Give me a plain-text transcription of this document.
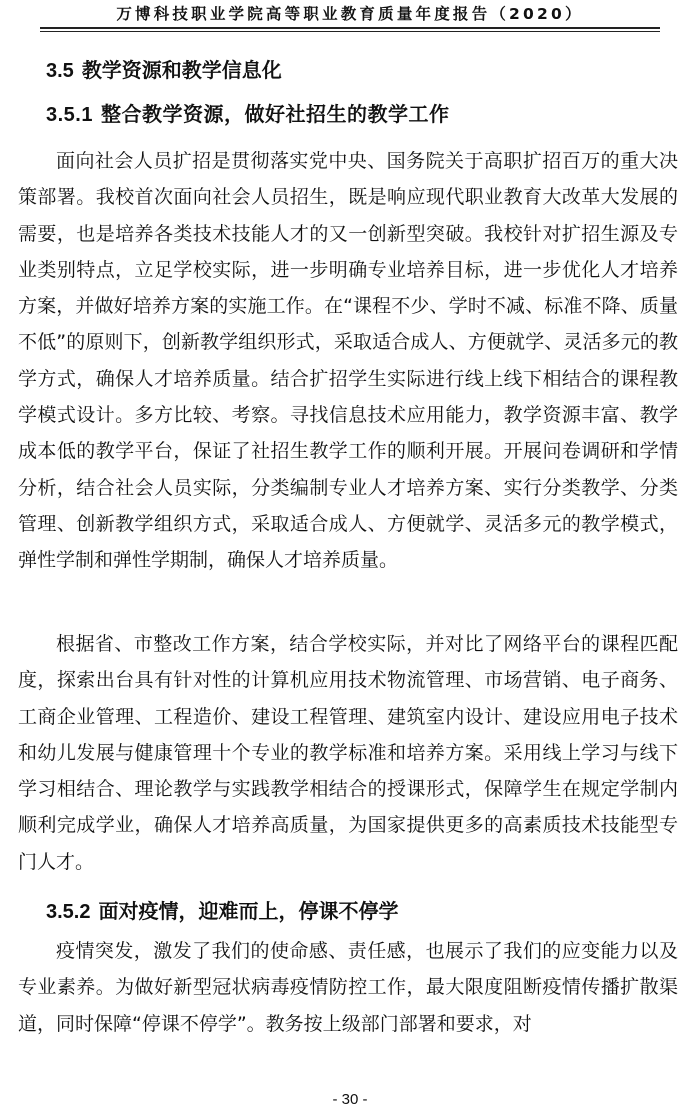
万博科技职业学院高等职业教育质量年度报告（2020）
3.5 教学资源和教学信息化
3.5.1 整合教学资源，做好社招生的教学工作

面向社会人员扩招是贯彻落实党中央、国务院关于高职扩招百万的重大决策部署。我校首次面向社会人员招生，既是响应现代职业教育大改革大发展的需要，也是培养各类技术技能人才的又一创新型突破。我校针对扩招生源及专业类别特点，立足学校实际，进一步明确专业培养目标，进一步优化人才培养方案，并做好培养方案的实施工作。在“课程不少、学时不减、标准不降、质量不低”的原则下，创新教学组织形式，采取适合成人、方便就学、灵活多元的教学方式，确保人才培养质量。结合扩招学生实际进行线上线下相结合的课程教学模式设计。多方比较、考察。寻找信息技术应用能力，教学资源丰富、教学成本低的教学平台，保证了社招生教学工作的顺利开展。开展问卷调研和学情分析，结合社会人员实际，分类编制专业人才培养方案、实行分类教学、分类管理、创新教学组织方式，采取适合成人、方便就学、灵活多元的教学模式，弹性学制和弹性学期制，确保人才培养质量。

根据省、市整改工作方案，结合学校实际，并对比了网络平台的课程匹配度，探索出台具有针对性的计算机应用技术物流管理、市场营销、电子商务、工商企业管理、工程造价、建设工程管理、建筑室内设计、建设应用电子技术和幼儿发展与健康管理十个专业的教学标准和培养方案。采用线上学习与线下学习相结合、理论教学与实践教学相结合的授课形式，保障学生在规定学制内顺利完成学业，确保人才培养高质量，为国家提供更多的高素质技术技能型专门人才。

3.5.2 面对疫情，迎难而上，停课不停学

疫情突发，激发了我们的使命感、责任感，也展示了我们的应变能力以及专业素养。为做好新型冠状病毒疫情防控工作，最大限度阻断疫情传播扩散渠道，同时保障“停课不停学”。教务按上级部门部署和要求，对

- 30 -
